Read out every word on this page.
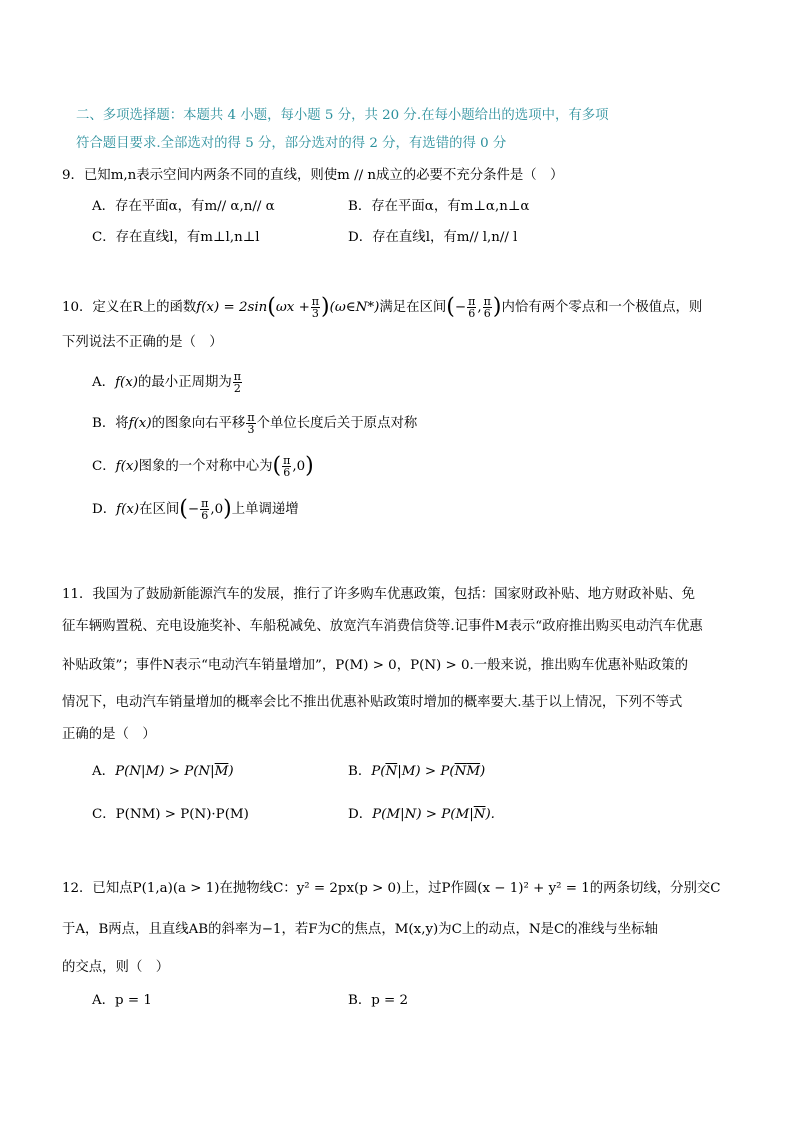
二、多项选择题：本题共 4 小题，每小题 5 分，共 20 分.在每小题给出的选项中，有多项
符合题目要求.全部选对的得 5 分，部分选对的得 2 分，有选错的得 0 分
9．已知m,n表示空间内两条不同的直线，则使m // n成立的必要不充分条件是（　）
A．存在平面α，有m// α,n// α	B．存在平面α，有m⊥α,n⊥α
C．存在直线l，有m⊥l,n⊥l	D．存在直线l，有m// l,n// l
10．定义在R上的函数$f(x) = 2\sin(\omega x + \frac{\pi}{3}$ )(ω∈N*)满足在区间(− $\frac{\pi}{6}$ , $\frac{\pi}{6}$ )内恰有两个零点和一个极值点，则
下列说法不正确的是（　）
A．f(x)的最小正周期为 $\frac{\pi}{2}$
B．将f(x)的图象向右平移 $\frac{\pi}{3}$ 个单位长度后关于原点对称
C．f(x)图象的一个对称中心为( $\frac{\pi}{6} ,0$)
D．f(x)在区间(− $\frac{\pi}{6} ,0$)上单调递增
11．我国为了鼓励新能源汽车的发展，推行了许多购车优惠政策，包括：国家财政补贴、地方财政补贴、免
征车辆购置税、充电设施奖补、车船税减免、放宽汽车消费信贷等.记事件M表示“政府推出购买电动汽车优惠
补贴政策”；事件N表示“电动汽车销量增加”，P(M) > 0，P(N) > 0.一般来说，推出购车优惠补贴政策的
情况下，电动汽车销量增加的概率会比不推出优惠补贴政策时增加的概率要大.基于以上情况，下列不等式
正确的是（　）
A．$P(N|M) > P(N|\overline{M})$	B．$P(\overline{N}|M) > P(\overline{N}\overline{M})$
C．P(NM) > P(N)·P(M)	D．$P(M|N) > P(M|\overline{N})$.
12．已知点P(1,a)(a > 1)在抛物线C：y² = 2px(p > 0)上，过P作圆(x − 1)² + y² = 1的两条切线，分别交C
于A，B两点，且直线AB的斜率为−1，若F为C的焦点，M(x,y)为C上的动点，N是C的准线与坐标轴
的交点，则（　）
A．p = 1	B．p = 2
